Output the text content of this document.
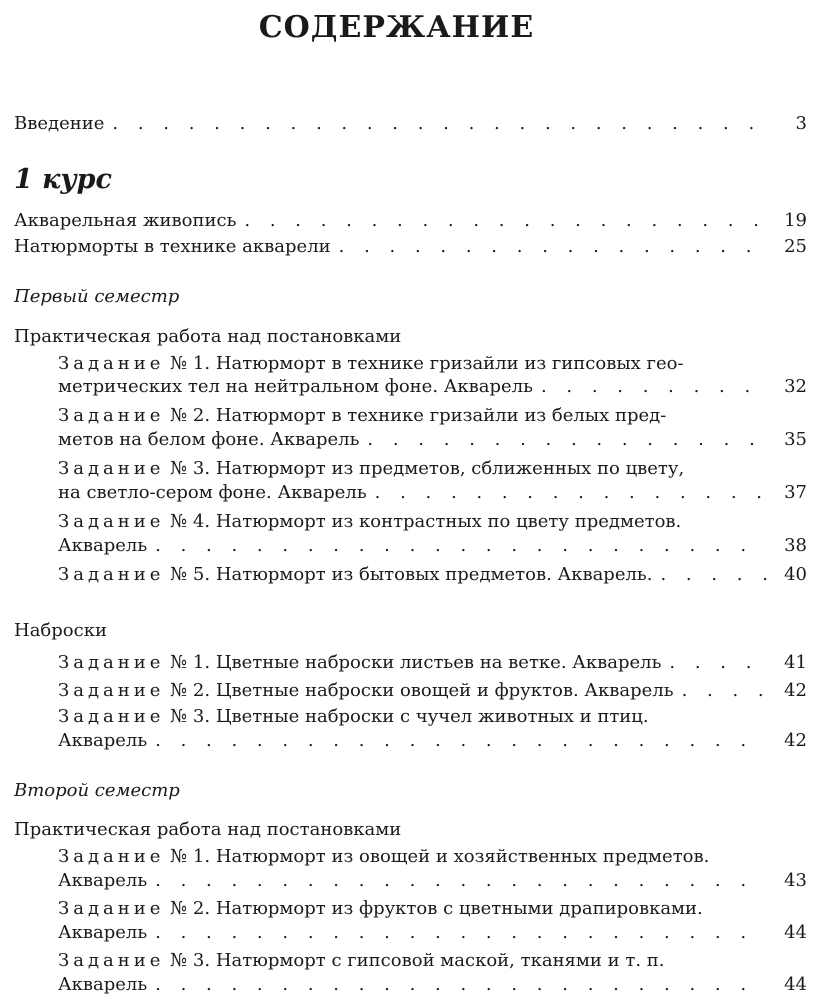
СОДЕРЖАНИЕ
Введение . . .	3
1 курс
Акварельная живопись . . .	19
Натюрморты в технике акварели . . .	25
Первый семестр
Практическая работа над постановками
Задание № 1. Натюрморт в технике гризайли из гипсовых гео-
метрических тел на нейтральном фоне. Акварель . . .	32
Задание № 2. Натюрморт в технике гризайли из белых пред-
метов на белом фоне. Акварель . . .	35
Задание № 3. Натюрморт из предметов, сближенных по цвету,
на светло-сером фоне. Акварель . . .	37
Задание № 4. Натюрморт из контрастных по цвету предметов.
Акварель . . .	38
Задание № 5. Натюрморт из бытовых предметов. Акварель. . . .	40
Наброски
Задание № 1. Цветные наброски листьев на ветке. Акварель . . .	41
Задание № 2. Цветные наброски овощей и фруктов. Акварель . . .	42
Задание № 3. Цветные наброски с чучел животных и птиц.
Акварель . . .	42
Второй семестр
Практическая работа над постановками
Задание № 1. Натюрморт из овощей и хозяйственных предметов.
Акварель . . .	43
Задание № 2. Натюрморт из фруктов с цветными драпировками.
Акварель . . .	44
Задание № 3. Натюрморт с гипсовой маской, тканями и т. п.
Акварель . . .	44
